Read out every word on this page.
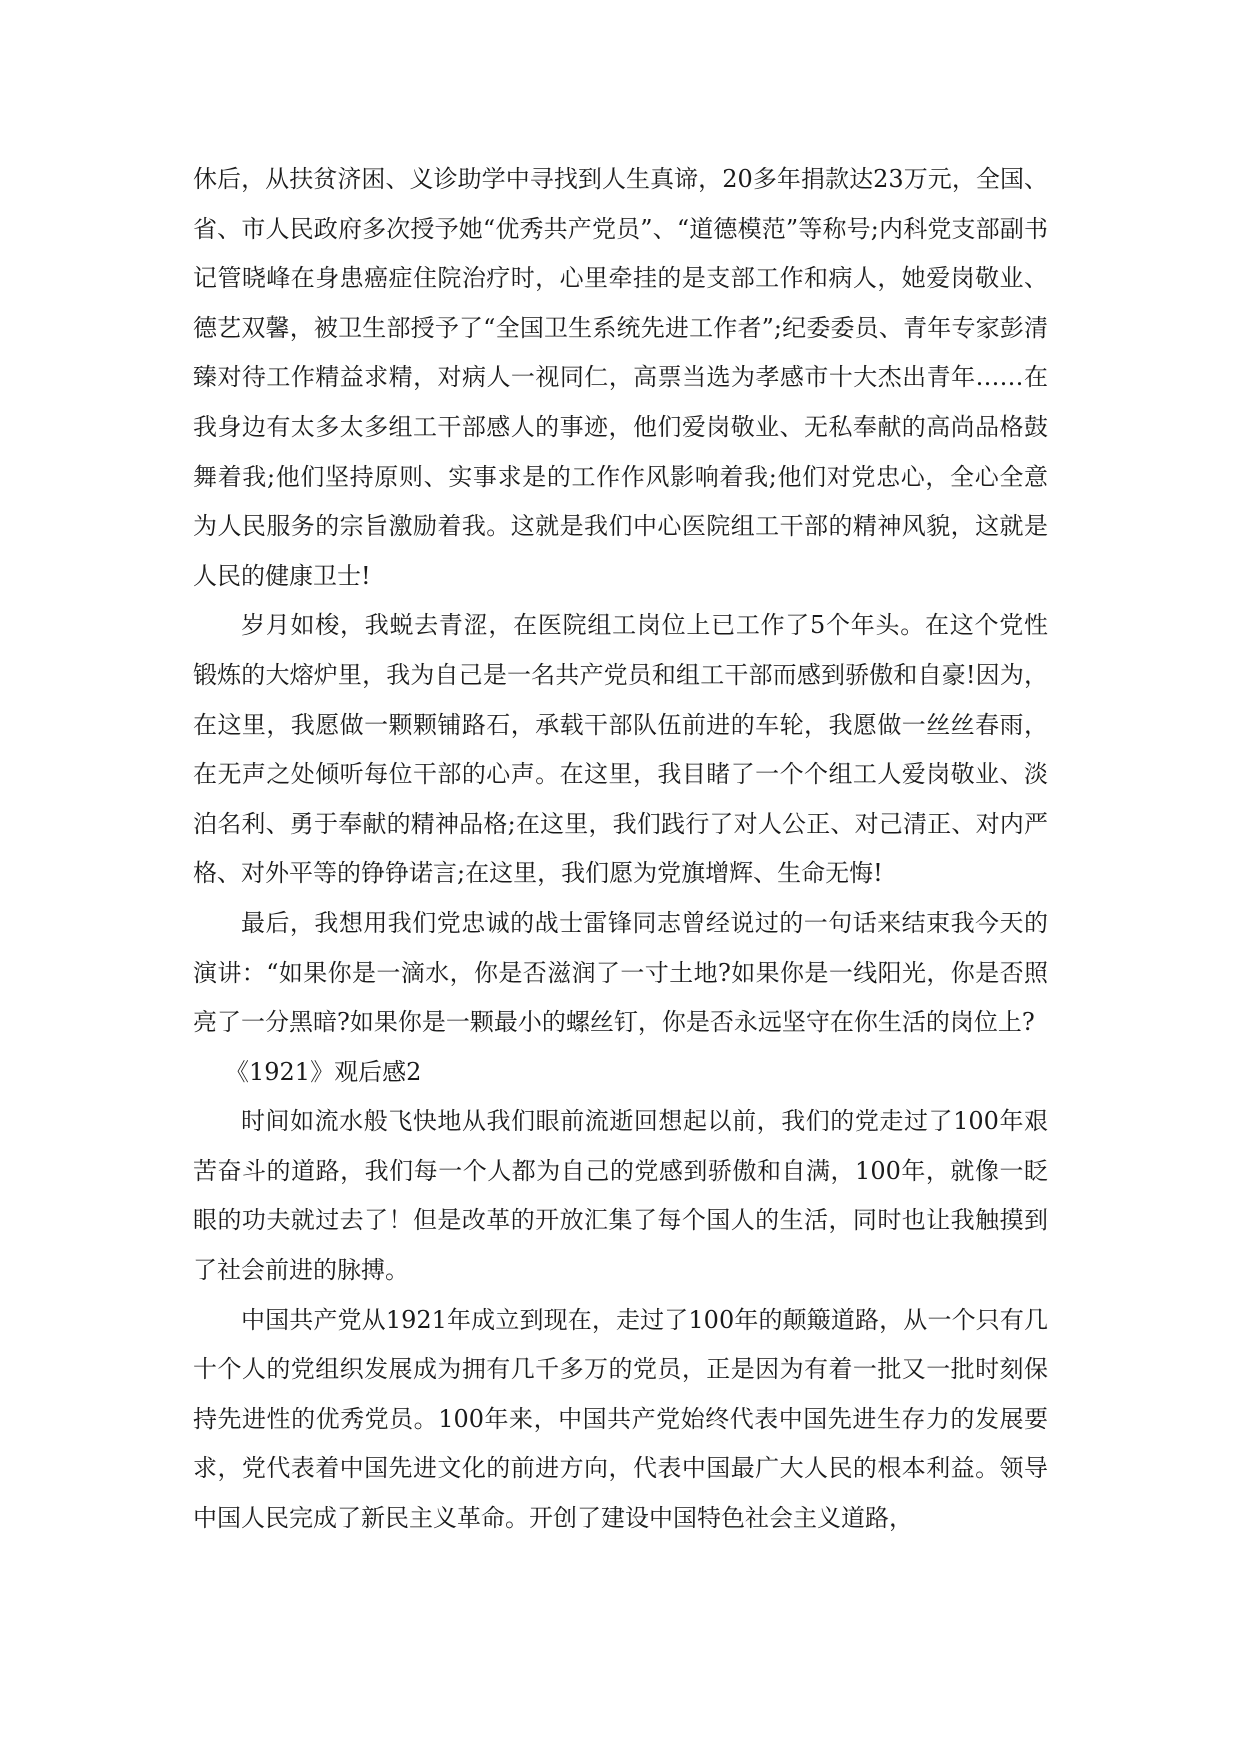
休后，从扶贫济困、义诊助学中寻找到人生真谛，20多年捐款达23万元，全国、省、市人民政府多次授予她“优秀共产党员”、“道德模范”等称号;内科党支部副书记管晓峰在身患癌症住院治疗时，心里牵挂的是支部工作和病人，她爱岗敬业、德艺双馨，被卫生部授予了“全国卫生系统先进工作者”;纪委委员、青年专家彭清臻对待工作精益求精，对病人一视同仁，高票当选为孝感市十大杰出青年……在我身边有太多太多组工干部感人的事迹，他们爱岗敬业、无私奉献的高尚品格鼓舞着我;他们坚持原则、实事求是的工作作风影响着我;他们对党忠心，全心全意为人民服务的宗旨激励着我。这就是我们中心医院组工干部的精神风貌，这就是人民的健康卫士!

岁月如梭，我蜕去青涩，在医院组工岗位上已工作了5个年头。在这个党性锻炼的大熔炉里，我为自己是一名共产党员和组工干部而感到骄傲和自豪!因为，在这里，我愿做一颗颗铺路石，承载干部队伍前进的车轮，我愿做一丝丝春雨，在无声之处倾听每位干部的心声。在这里，我目睹了一个个组工人爱岗敬业、淡泊名利、勇于奉献的精神品格;在这里，我们践行了对人公正、对己清正、对内严格、对外平等的铮铮诺言;在这里，我们愿为党旗增辉、生命无悔!

最后，我想用我们党忠诚的战士雷锋同志曾经说过的一句话来结束我今天的演讲：“如果你是一滴水，你是否滋润了一寸土地?如果你是一线阳光，你是否照亮了一分黑暗?如果你是一颗最小的螺丝钉，你是否永远坚守在你生活的岗位上?

《1921》观后感2

时间如流水般飞快地从我们眼前流逝回想起以前，我们的党走过了100年艰苦奋斗的道路，我们每一个人都为自己的党感到骄傲和自满，100年，就像一眨眼的功夫就过去了！但是改革的开放汇集了每个国人的生活，同时也让我触摸到了社会前进的脉搏。

中国共产党从1921年成立到现在，走过了100年的颠簸道路，从一个只有几十个人的党组织发展成为拥有几千多万的党员，正是因为有着一批又一批时刻保持先进性的优秀党员。100年来，中国共产党始终代表中国先进生存力的发展要求，党代表着中国先进文化的前进方向，代表中国最广大人民的根本利益。领导中国人民完成了新民主义革命。开创了建设中国特色社会主义道路，
